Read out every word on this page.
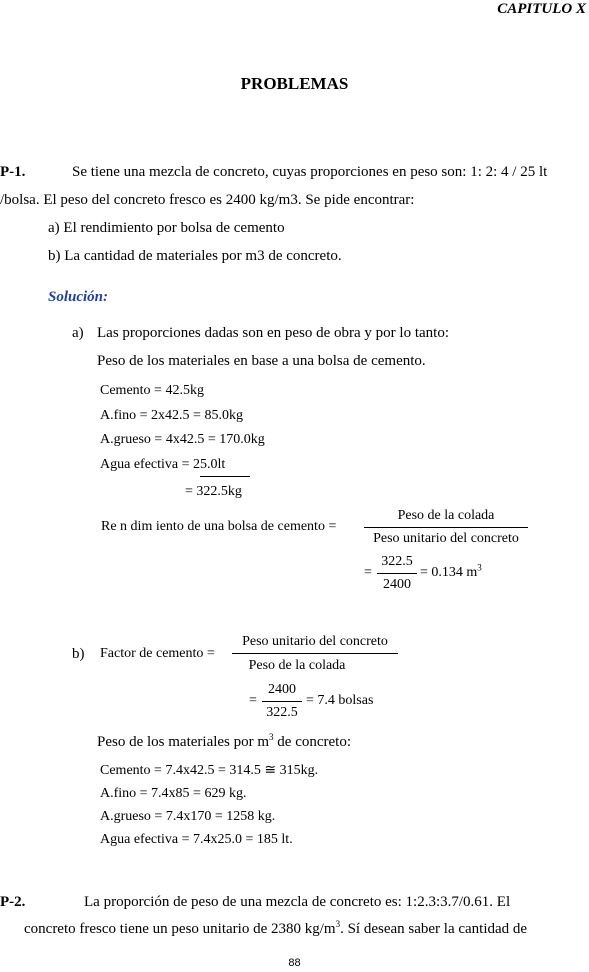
CAPITULO X
PROBLEMAS
P-1.	Se tiene una mezcla de concreto, cuyas proporciones en peso son: 1: 2: 4 / 25 lt
/bolsa. El peso del concreto fresco es 2400 kg/m3. Se pide encontrar:
a) El rendimiento por bolsa de cemento
b) La cantidad de materiales por m3 de concreto.
Solución:
a) Las proporciones dadas son en peso de obra y por lo tanto:
Peso de los materiales en base a una bolsa de cemento.
Cemento = 42.5kg
A.fino = 2x42.5 = 85.0kg
A.grueso = 4x42.5 = 170.0kg
Agua efectiva = 25.0lt
= 322.5kg
Re n dim iento de una bolsa de cemento =
Peso de la colada
Peso unitario del concreto
=
322.5
2400
= 0.134 $m^3$
b) Factor de cemento =
Peso unitario del concreto
Peso de la colada
=
2400
322.5
= 7.4 bolsas
Peso de los materiales por $m^3$ de concreto:
Cemento = 7.4x42.5 = 314.5 ≅ 315kg.
A.fino = 7.4x85 = 629 kg.
A.grueso = 7.4x170 = 1258 kg.
Agua efectiva = 7.4x25.0 = 185 lt.
P-2.	La proporción de peso de una mezcla de concreto es: 1:2.3:3.7/0.61. El
concreto fresco tiene un peso unitario de 2380 $kg/m^3$. Sí desean saber la cantidad de
88
